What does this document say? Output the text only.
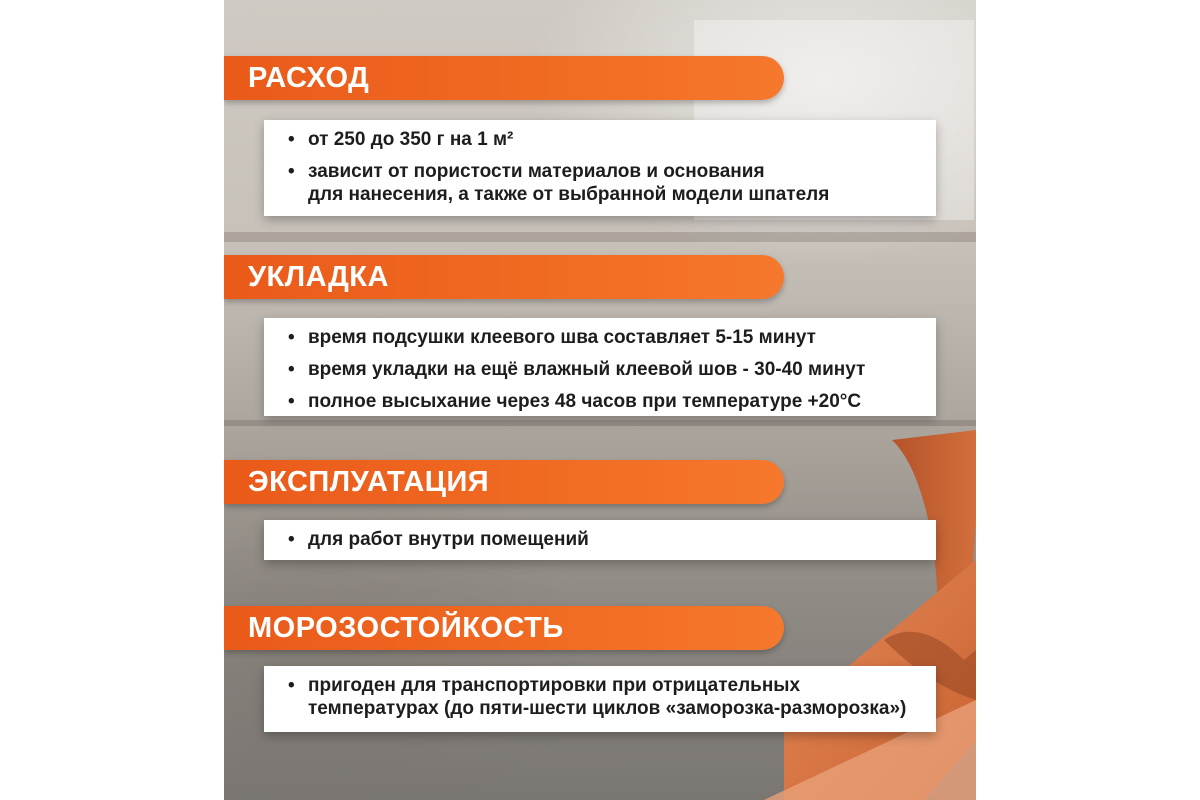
РАСХОД
• от 250 до 350 г на 1 м²
• зависит от пористости материалов и основания
для нанесения, а также от выбранной модели шпателя
УКЛАДКА
• время подсушки клеевого шва составляет 5-15 минут
• время укладки на ещё влажный клеевой шов - 30-40 минут
• полное высыхание через 48 часов при температуре +20°С
ЭКСПЛУАТАЦИЯ
• для работ внутри помещений
МОРОЗОСТОЙКОСТЬ
• пригоден для транспортировки при отрицательных
температурах (до пяти-шести циклов «заморозка-разморозка»)
